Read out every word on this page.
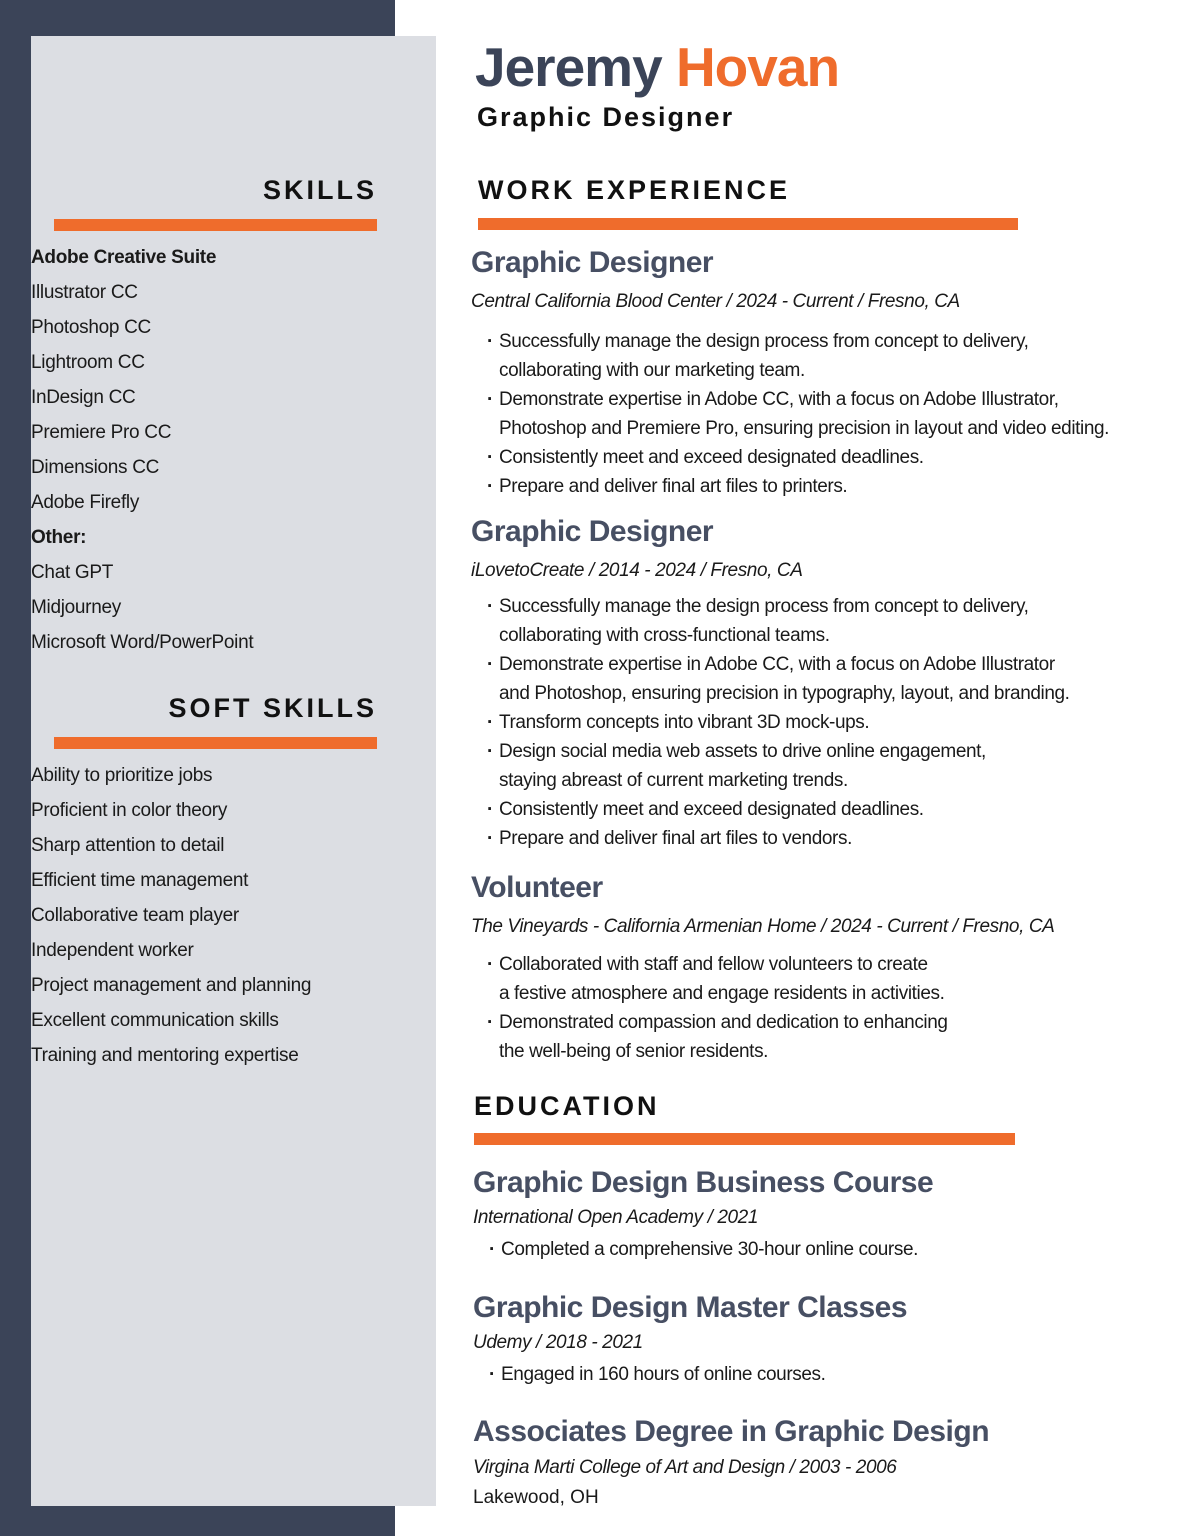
SKILLS
Adobe Creative Suite
Illustrator CC
Photoshop CC
Lightroom CC
InDesign CC
Premiere Pro CC
Dimensions CC
Adobe Firefly
Other:
Chat GPT
Midjourney
Microsoft Word/PowerPoint
SOFT SKILLS
Ability to prioritize jobs
Proficient in color theory
Sharp attention to detail
Efficient time management
Collaborative team player
Independent worker
Project management and planning
Excellent communication skills
Training and mentoring expertise
Jeremy Hovan
Graphic Designer
WORK EXPERIENCE
Graphic Designer
Central California Blood Center / 2024 - Current / Fresno, CA
· Successfully manage the design process from concept to delivery,
collaborating with our marketing team.
· Demonstrate expertise in Adobe CC, with a focus on Adobe Illustrator,
Photoshop and Premiere Pro, ensuring precision in layout and video editing.
· Consistently meet and exceed designated deadlines.
· Prepare and deliver final art files to printers.
Graphic Designer
iLovetoCreate / 2014 - 2024 / Fresno, CA
· Successfully manage the design process from concept to delivery,
collaborating with cross-functional teams.
· Demonstrate expertise in Adobe CC, with a focus on Adobe Illustrator
and Photoshop, ensuring precision in typography, layout, and branding.
· Transform concepts into vibrant 3D mock-ups.
· Design social media web assets to drive online engagement,
staying abreast of current marketing trends.
· Consistently meet and exceed designated deadlines.
· Prepare and deliver final art files to vendors.
Volunteer
The Vineyards - California Armenian Home / 2024 - Current / Fresno, CA
· Collaborated with staff and fellow volunteers to create
a festive atmosphere and engage residents in activities.
· Demonstrated compassion and dedication to enhancing
the well-being of senior residents.
EDUCATION
Graphic Design Business Course
International Open Academy / 2021
· Completed a comprehensive 30-hour online course.
Graphic Design Master Classes
Udemy / 2018 - 2021
· Engaged in 160 hours of online courses.
Associates Degree in Graphic Design
Virgina Marti College of Art and Design / 2003 - 2006
Lakewood, OH
